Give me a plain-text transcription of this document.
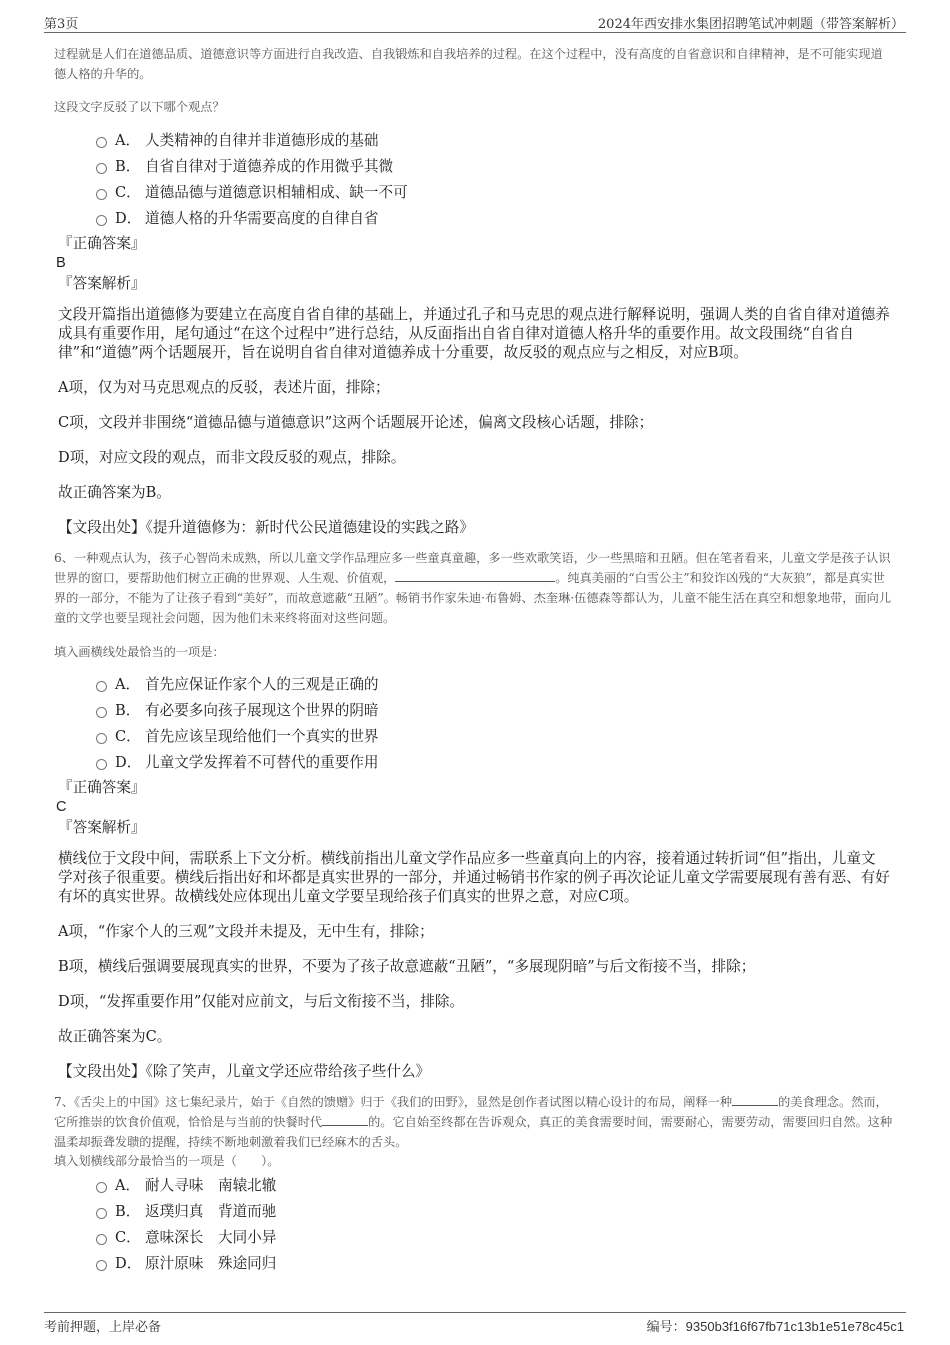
第3页	2024年西安排水集团招聘笔试冲刺题（带答案解析）
过程就是人们在道德品质、道德意识等方面进行自我改造、自我锻炼和自我培养的过程。在这个过程中，没有高度的自省意识和自律精神，是不可能实现道德人格的升华的。
这段文字反驳了以下哪个观点？
A． 人类精神的自律并非道德形成的基础
B． 自省自律对于道德养成的作用微乎其微
C． 道德品德与道德意识相辅相成、缺一不可
D． 道德人格的升华需要高度的自律自省
『正确答案』
B
『答案解析』
文段开篇指出道德修为要建立在高度自省自律的基础上，并通过孔子和马克思的观点进行解释说明，强调人类的自省自律对道德养成具有重要作用，尾句通过“在这个过程中”进行总结，从反面指出自省自律对道德人格升华的重要作用。故文段围绕“自省自律”和“道德”两个话题展开，旨在说明自省自律对道德养成十分重要，故反驳的观点应与之相反，对应B项。
A项，仅为对马克思观点的反驳，表述片面，排除；
C项，文段并非围绕“道德品德与道德意识”这两个话题展开论述，偏离文段核心话题，排除；
D项，对应文段的观点，而非文段反驳的观点，排除。
故正确答案为B。
【文段出处】《提升道德修为：新时代公民道德建设的实践之路》
6、一种观点认为，孩子心智尚未成熟，所以儿童文学作品理应多一些童真童趣，多一些欢歌笑语，少一些黑暗和丑陋。但在笔者看来，儿童文学是孩子认识世界的窗口，要帮助他们树立正确的世界观、人生观、价值观，	。纯真美丽的“白雪公主”和狡诈凶残的“大灰狼”，都是真实世界的一部分，不能为了让孩子看到“美好”，而故意遮蔽“丑陋”。畅销书作家朱迪·布鲁姆、杰奎琳·伍德森等都认为，儿童不能生活在真空和想象地带，面向儿童的文学也要呈现社会问题，因为他们未来终将面对这些问题。
填入画横线处最恰当的一项是：
A． 首先应保证作家个人的三观是正确的
B． 有必要多向孩子展现这个世界的阴暗
C． 首先应该呈现给他们一个真实的世界
D． 儿童文学发挥着不可替代的重要作用
『正确答案』
C
『答案解析』
横线位于文段中间，需联系上下文分析。横线前指出儿童文学作品应多一些童真向上的内容，接着通过转折词“但”指出，儿童文学对孩子很重要。横线后指出好和坏都是真实世界的一部分，并通过畅销书作家的例子再次论证儿童文学需要展现有善有恶、有好有坏的真实世界。故横线处应体现出儿童文学要呈现给孩子们真实的世界之意，对应C项。
A项，“作家个人的三观”文段并未提及，无中生有，排除；
B项，横线后强调要展现真实的世界，不要为了孩子故意遮蔽“丑陋”，“多展现阴暗”与后文衔接不当，排除；
D项，“发挥重要作用”仅能对应前文，与后文衔接不当，排除。
故正确答案为C。
【文段出处】《除了笑声，儿童文学还应带给孩子些什么》
7、《舌尖上的中国》这七集纪录片，始于《自然的馈赠》归于《我们的田野》，显然是创作者试图以精心设计的布局，阐释一种	的美食理念。然而，它所推崇的饮食价值观，恰恰是与当前的快餐时代	的。它自始至终都在告诉观众，真正的美食需要时间，需要耐心，需要劳动，需要回归自然。这种温柔却振聋发聩的提醒，持续不断地刺激着我们已经麻木的舌头。
填入划横线部分最恰当的一项是（　　）。
A． 耐人寻味　南辕北辙
B． 返璞归真　背道而驰
C． 意味深长　大同小异
D． 原汁原味　殊途同归
考前押题，上岸必备	编号：9350b3f16f67fb71c13b1e51e78c45c1
